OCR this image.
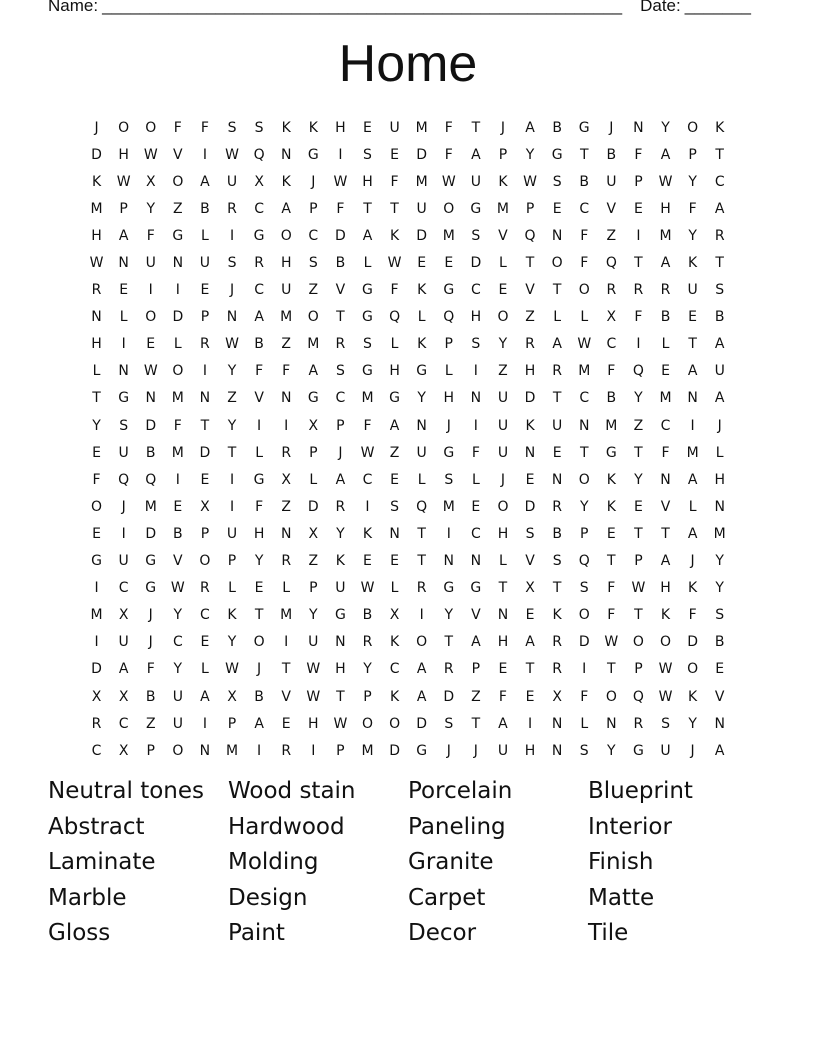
Name: _______________________________________________________ Date: _______
Home
J	O	O	F	F	S	S	K	K	H	E	U	M	F	T	J	A	B	G	J	N	Y	O	K
D	H	W	V	I	W	Q	N	G	I	S	E	D	F	A	P	Y	G	T	B	F	A	P	T
K	W	X	O	A	U	X	K	J	W	H	F	M	W	U	K	W	S	B	U	P	W	Y	C
M	P	Y	Z	B	R	C	A	P	F	T	T	U	O	G	M	P	E	C	V	E	H	F	A
H	A	F	G	L	I	G	O	C	D	A	K	D	M	S	V	Q	N	F	Z	I	M	Y	R
W	N	U	N	U	S	R	H	S	B	L	W	E	E	D	L	T	O	F	Q	T	A	K	T
R	E	I	I	E	J	C	U	Z	V	G	F	K	G	C	E	V	T	O	R	R	R	U	S
N	L	O	D	P	N	A	M	O	T	G	Q	L	Q	H	O	Z	L	L	X	F	B	E	B
H	I	E	L	R	W	B	Z	M	R	S	L	K	P	S	Y	R	A	W	C	I	L	T	A
L	N	W	O	I	Y	F	F	A	S	G	H	G	L	I	Z	H	R	M	F	Q	E	A	U
T	G	N	M	N	Z	V	N	G	C	M	G	Y	H	N	U	D	T	C	B	Y	M	N	A
Y	S	D	F	T	Y	I	I	X	P	F	A	N	J	I	U	K	U	N	M	Z	C	I	J
E	U	B	M	D	T	L	R	P	J	W	Z	U	G	F	U	N	E	T	G	T	F	M	L
F	Q	Q	I	E	I	G	X	L	A	C	E	L	S	L	J	E	N	O	K	Y	N	A	H
O	J	M	E	X	I	F	Z	D	R	I	S	Q	M	E	O	D	R	Y	K	E	V	L	N
E	I	D	B	P	U	H	N	X	Y	K	N	T	I	C	H	S	B	P	E	T	T	A	M
G	U	G	V	O	P	Y	R	Z	K	E	E	T	N	N	L	V	S	Q	T	P	A	J	Y
I	C	G	W	R	L	E	L	P	U	W	L	R	G	G	T	X	T	S	F	W	H	K	Y
M	X	J	Y	C	K	T	M	Y	G	B	X	I	Y	V	N	E	K	O	F	T	K	F	S
I	U	J	C	E	Y	O	I	U	N	R	K	O	T	A	H	A	R	D	W	O	O	D	B
D	A	F	Y	L	W	J	T	W	H	Y	C	A	R	P	E	T	R	I	T	P	W	O	E
X	X	B	U	A	X	B	V	W	T	P	K	A	D	Z	F	E	X	F	O	Q	W	K	V
R	C	Z	U	I	P	A	E	H	W	O	O	D	S	T	A	I	N	L	N	R	S	Y	N
C	X	P	O	N	M	I	R	I	P	M	D	G	J	J	U	H	N	S	Y	G	U	J	A
Neutral tones	Wood stain	Porcelain	Blueprint
Abstract	Hardwood	Paneling	Interior
Laminate	Molding	Granite	Finish
Marble	Design	Carpet	Matte
Gloss	Paint	Decor	Tile
